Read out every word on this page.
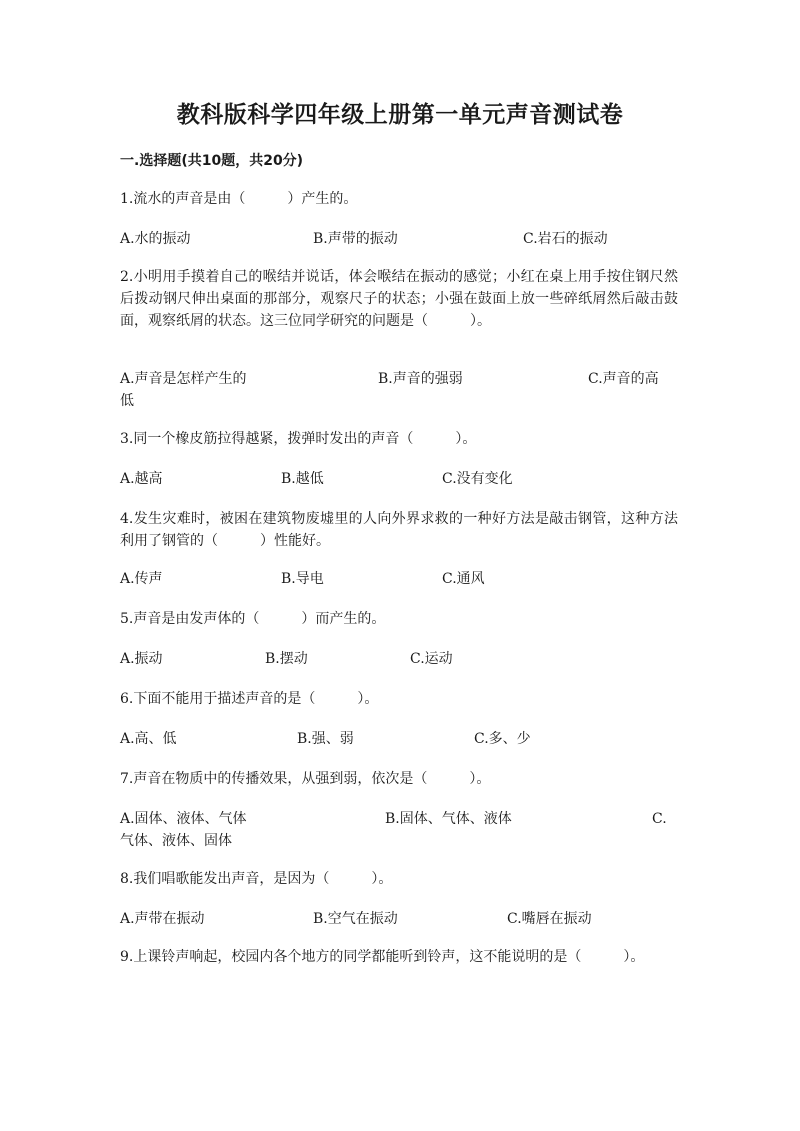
教科版科学四年级上册第一单元声音测试卷
一.选择题(共10题，共20分)
1.流水的声音是由（　　　）产生的。
A.水的振动	B.声带的振动	C.岩石的振动
2.小明用手摸着自己的喉结并说话，体会喉结在振动的感觉；小红在桌上用手按住钢尺然后拨动钢尺伸出桌面的那部分，观察尺子的状态；小强在鼓面上放一些碎纸屑然后敲击鼓面，观察纸屑的状态。这三位同学研究的问题是（　　　）。
A.声音是怎样产生的	B.声音的强弱	C.声音的高
低
3.同一个橡皮筋拉得越紧，拨弹时发出的声音（　　　）。
A.越高	B.越低	C.没有变化
4.发生灾难时，被困在建筑物废墟里的人向外界求救的一种好方法是敲击钢管，这种方法利用了钢管的（　　　）性能好。
A.传声	B.导电	C.通风
5.声音是由发声体的（　　　）而产生的。
A.振动	B.摆动	C.运动
6.下面不能用于描述声音的是（　　　）。
A.高、低	B.强、弱	C.多、少
7.声音在物质中的传播效果，从强到弱，依次是（　　　）。
A.固体、液体、气体	B.固体、气体、液体	C.
气体、液体、固体
8.我们唱歌能发出声音，是因为（　　　）。
A.声带在振动	B.空气在振动	C.嘴唇在振动
9.上课铃声响起，校园内各个地方的同学都能听到铃声，这不能说明的是（　　　）。
